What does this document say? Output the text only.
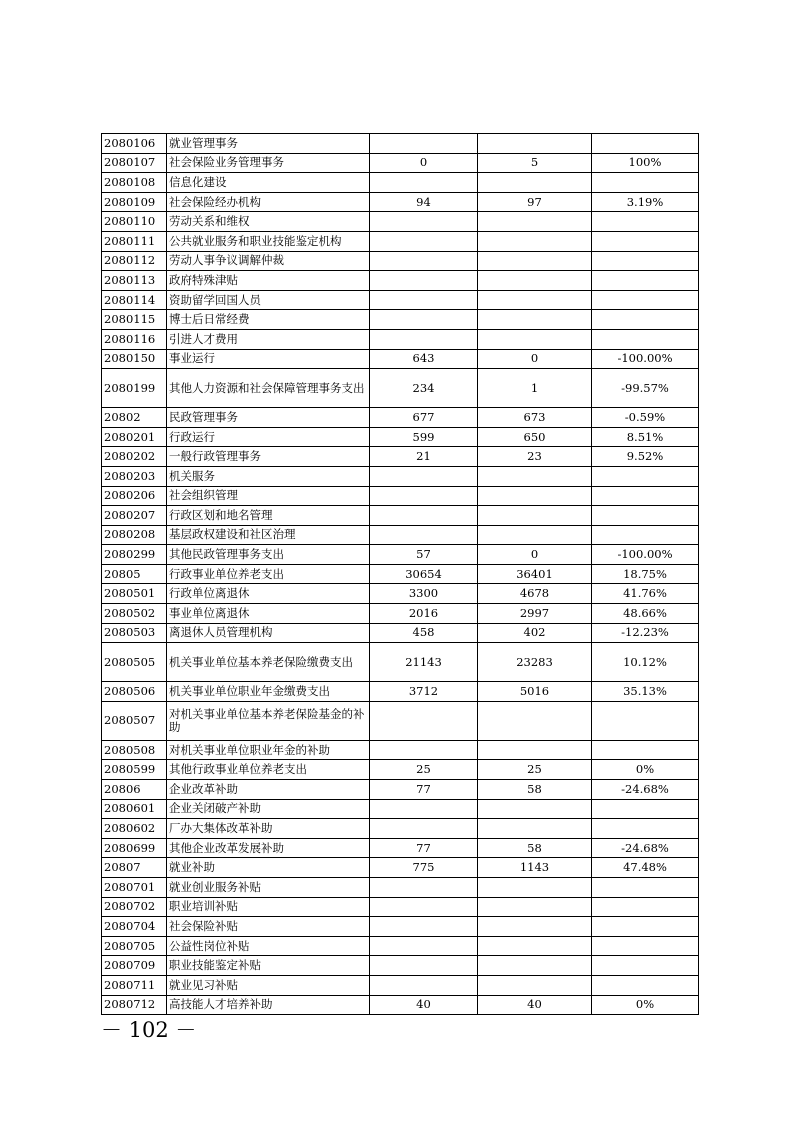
2080106	就业管理事务			
2080107	社会保险业务管理事务	0	5	100%
2080108	信息化建设			
2080109	社会保险经办机构	94	97	3.19%
2080110	劳动关系和维权			
2080111	公共就业服务和职业技能鉴定机构			
2080112	劳动人事争议调解仲裁			
2080113	政府特殊津贴			
2080114	资助留学回国人员			
2080115	博士后日常经费			
2080116	引进人才费用			
2080150	事业运行	643	0	-100.00%
2080199	其他人力资源和社会保障管理事务支出	234	1	-99.57%
20802	民政管理事务	677	673	-0.59%
2080201	行政运行	599	650	8.51%
2080202	一般行政管理事务	21	23	9.52%
2080203	机关服务			
2080206	社会组织管理			
2080207	行政区划和地名管理			
2080208	基层政权建设和社区治理			
2080299	其他民政管理事务支出	57	0	-100.00%
20805	行政事业单位养老支出	30654	36401	18.75%
2080501	行政单位离退休	3300	4678	41.76%
2080502	事业单位离退休	2016	2997	48.66%
2080503	离退休人员管理机构	458	402	-12.23%
2080505	机关事业单位基本养老保险缴费支出	21143	23283	10.12%
2080506	机关事业单位职业年金缴费支出	3712	5016	35.13%
2080507	对机关事业单位基本养老保险基金的补助			
2080508	对机关事业单位职业年金的补助			
2080599	其他行政事业单位养老支出	25	25	0%
20806	企业改革补助	77	58	-24.68%
2080601	企业关闭破产补助			
2080602	厂办大集体改革补助			
2080699	其他企业改革发展补助	77	58	-24.68%
20807	就业补助	775	1143	47.48%
2080701	就业创业服务补贴			
2080702	职业培训补贴			
2080704	社会保险补贴			
2080705	公益性岗位补贴			
2080709	职业技能鉴定补贴			
2080711	就业见习补贴			
2080712	高技能人才培养补助	40	40	0%
－ 102 －
